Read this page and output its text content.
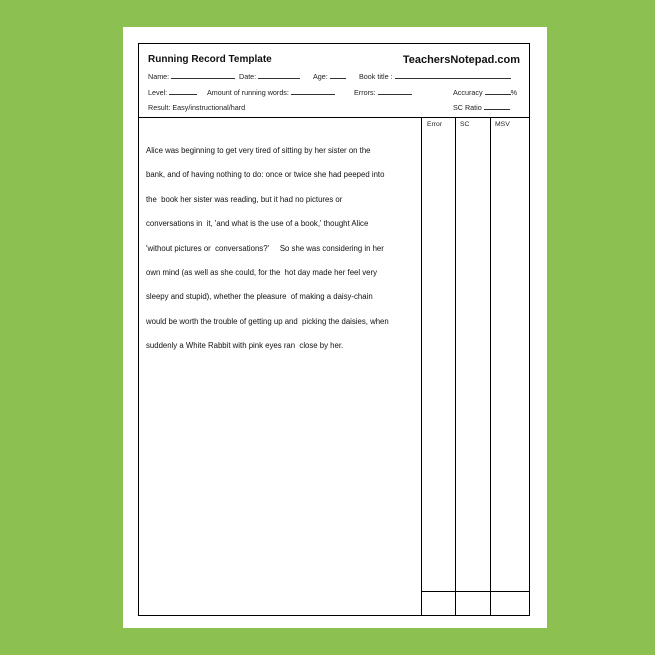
Running Record Template	TeachersNotepad.com
Name:	Date:	Age:	Book title :
Level:	Amount of running words:	Errors:	Accuracy	%
Result: Easy/instructional/hard	SC Ratio
Alice was beginning to get very tired of sitting by her sister on the
bank, and of having nothing to do: once or twice she had peeped into
the  book her sister was reading, but it had no pictures or
conversations in  it, 'and what is the use of a book,' thought Alice
'without pictures or  conversations?'     So she was considering in her
own mind (as well as she could, for the  hot day made her feel very
sleepy and stupid), whether the pleasure  of making a daisy-chain
would be worth the trouble of getting up and  picking the daisies, when
suddenly a White Rabbit with pink eyes ran  close by her.
Error	SC	MSV
